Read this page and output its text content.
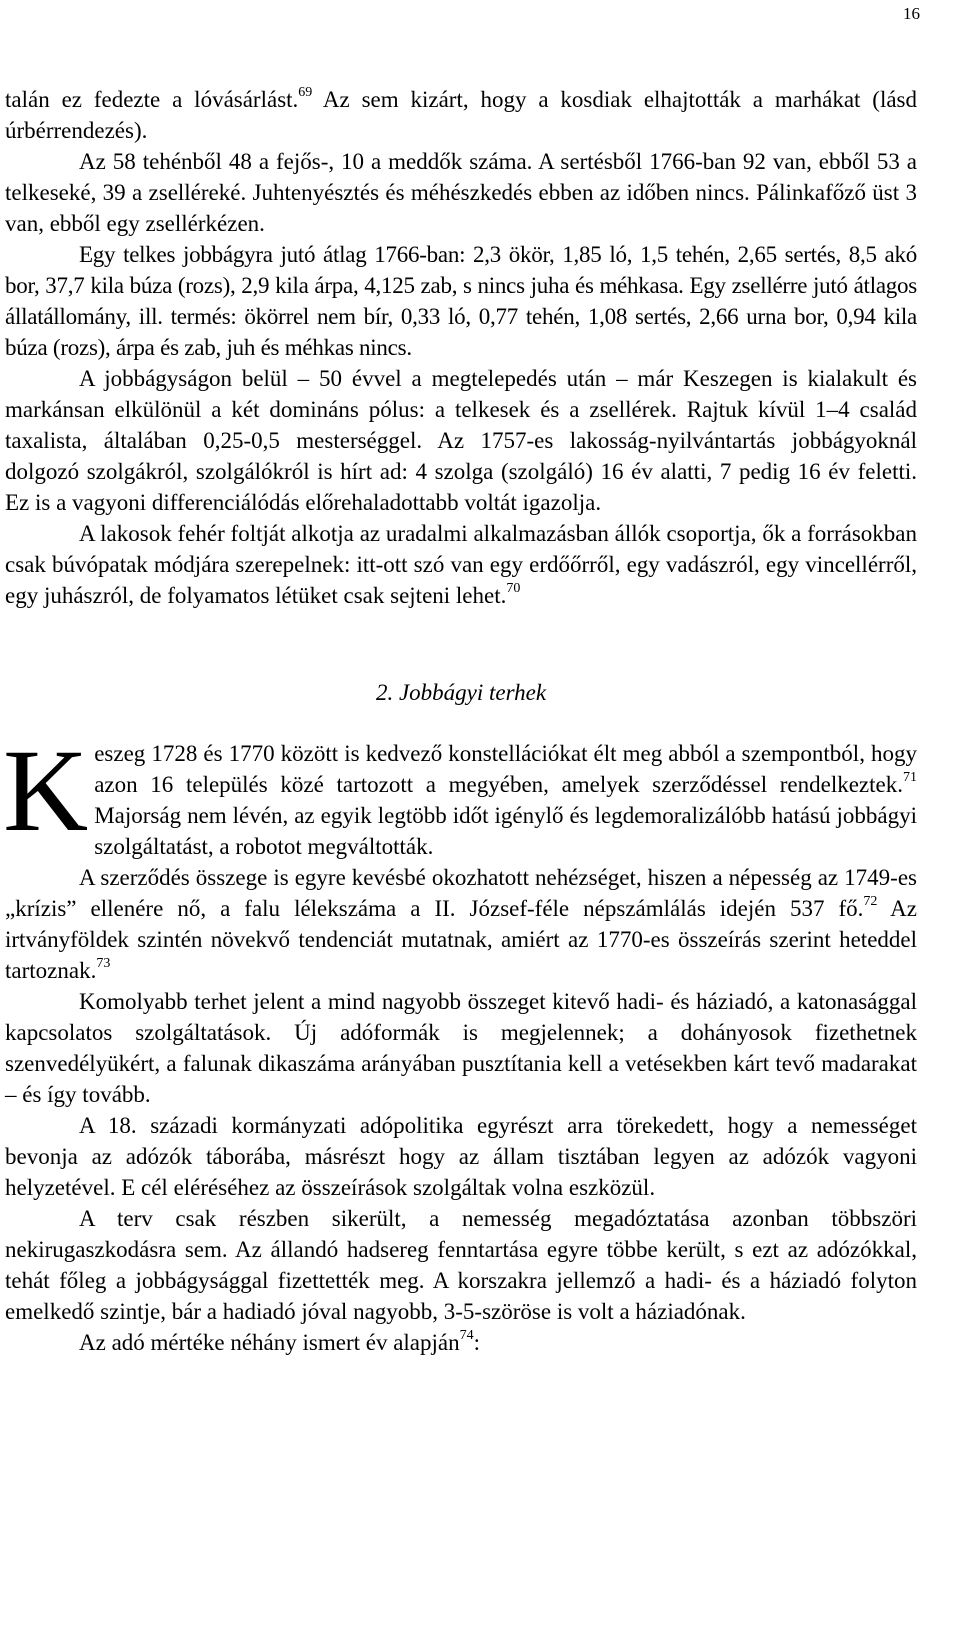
16

talán ez fedezte a lóvásárlást.$^{69}$ Az sem kizárt, hogy a kosdiak elhajtották a marhákat (lásd úrbérrendezés).

Az 58 tehénből 48 a fejős-, 10 a meddők száma. A sertésből 1766-ban 92 van, ebből 53 a telkeseké, 39 a zselléreké. Juhtenyésztés és méhészkedés ebben az időben nincs. Pálinkafőző üst 3 van, ebből egy zsellérkézen.

Egy telkes jobbágyra jutó átlag 1766-ban: 2,3 ökör, 1,85 ló, 1,5 tehén, 2,65 sertés, 8,5 akó bor, 37,7 kila búza (rozs), 2,9 kila árpa, 4,125 zab, s nincs juha és méhkasa. Egy zsellérre jutó átlagos állatállomány, ill. termés: ökörrel nem bír, 0,33 ló, 0,77 tehén, 1,08 sertés, 2,66 urna bor, 0,94 kila búza (rozs), árpa és zab, juh és méhkas nincs.

A jobbágyságon belül – 50 évvel a megtelepedés után – már Keszegen is kialakult és markánsan elkülönül a két domináns pólus: a telkesek és a zsellérek. Rajtuk kívül 1–4 család taxalista, általában 0,25-0,5 mesterséggel. Az 1757-es lakosság-nyilvántartás jobbágyoknál dolgozó szolgákról, szolgálókról is hírt ad: 4 szolga (szolgáló) 16 év alatti, 7 pedig 16 év feletti. Ez is a vagyoni differenciálódás előrehaladottabb voltát igazolja.

A lakosok fehér foltját alkotja az uradalmi alkalmazásban állók csoportja, ők a forrásokban csak búvópatak módjára szerepelnek: itt-ott szó van egy erdőőrről, egy vadászról, egy vincellérről, egy juhászról, de folyamatos létüket csak sejteni lehet.$^{70}$

2. Jobbágyi terhek

Keszeg 1728 és 1770 között is kedvező konstellációkat élt meg abból a szempontból, hogy azon 16 település közé tartozott a megyében, amelyek szerződéssel rendelkeztek.$^{71}$ Majorság nem lévén, az egyik legtöbb időt igénylő és legdemoralizálóbb hatású jobbágyi szolgáltatást, a robotot megváltották.

A szerződés összege is egyre kevésbé okozhatott nehézséget, hiszen a népesség az 1749-es „krízis” ellenére nő, a falu lélekszáma a II. József-féle népszámlálás idején 537 fő.$^{72}$ Az irtványföldek szintén növekvő tendenciát mutatnak, amiért az 1770-es összeírás szerint heteddel tartoznak.$^{73}$

Komolyabb terhet jelent a mind nagyobb összeget kitevő hadi- és háziadó, a katonasággal kapcsolatos szolgáltatások. Új adóformák is megjelennek; a dohányosok fizethetnek szenvedélyükért, a falunak dikaszáma arányában pusztítania kell a vetésekben kárt tevő madarakat – és így tovább.

A 18. századi kormányzati adópolitika egyrészt arra törekedett, hogy a nemességet bevonja az adózók táborába, másrészt hogy az állam tisztában legyen az adózók vagyoni helyzetével. E cél eléréséhez az összeírások szolgáltak volna eszközül.

A terv csak részben sikerült, a nemesség megadóztatása azonban többszöri nekirugaszkodásra sem. Az állandó hadsereg fenntartása egyre többe került, s ezt az adózókkal, tehát főleg a jobbágysággal fizettették meg. A korszakra jellemző a hadi- és a háziadó folyton emelkedő szintje, bár a hadiadó jóval nagyobb, 3-5-szöröse is volt a háziadónak.

Az adó mértéke néhány ismert év alapján$^{74}$:
